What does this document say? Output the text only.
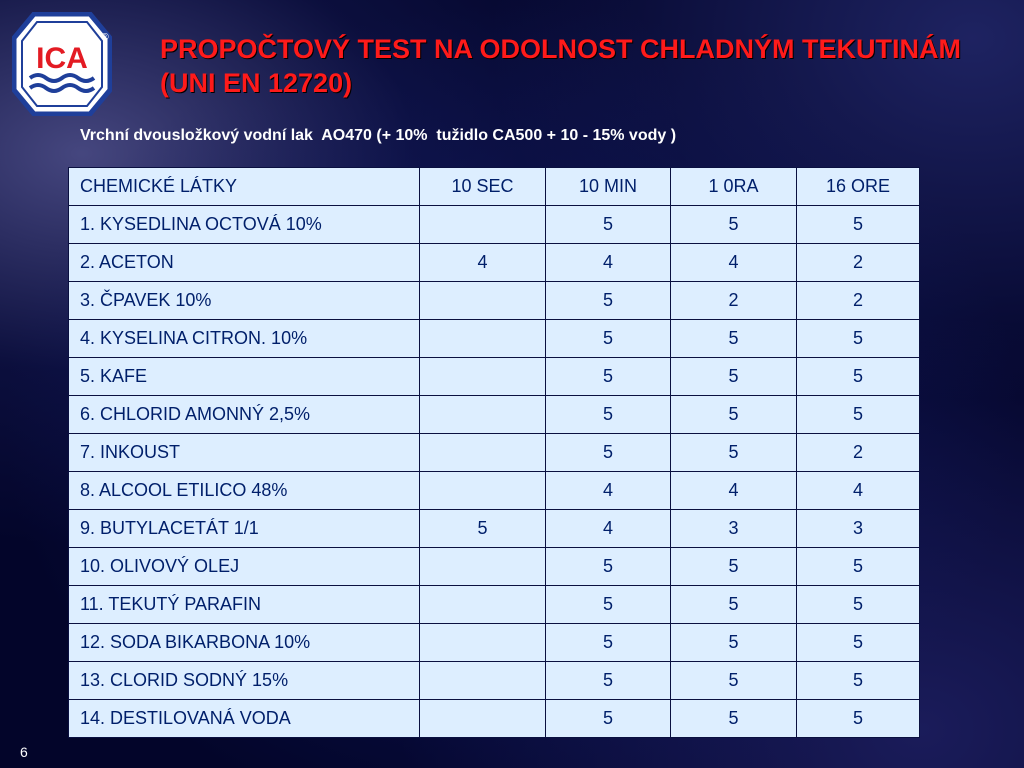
ICA
® PROPOČTOVÝ TEST NA ODOLNOST CHLADNÝM TEKUTINÁM (UNI EN 12720)
Vrchní dvousložkový vodní lak  AO470 (+ 10%  tužidlo CA500 + 10 - 15% vody )
CHEMICKÉ LÁTKY	10 SEC	10 MIN	1 0RA	16 ORE
1. KYSEDLINA OCTOVÁ 10%		5	5	5
2. ACETON	4	4	4	2
3. ČPAVEK 10%		5	2	2
4. KYSELINA CITRON. 10%		5	5	5
5. KAFE		5	5	5
6. CHLORID AMONNÝ 2,5%		5	5	5
7. INKOUST		5	5	2
8. ALCOOL ETILICO 48%		4	4	4
9. BUTYLACETÁT 1/1	5	4	3	3
10. OLIVOVÝ OLEJ		5	5	5
11. TEKUTÝ PARAFIN		5	5	5
12. SODA BIKARBONA 10%		5	5	5
13. CLORID SODNÝ 15%		5	5	5
14. DESTILOVANÁ VODA		5	5	5
6
